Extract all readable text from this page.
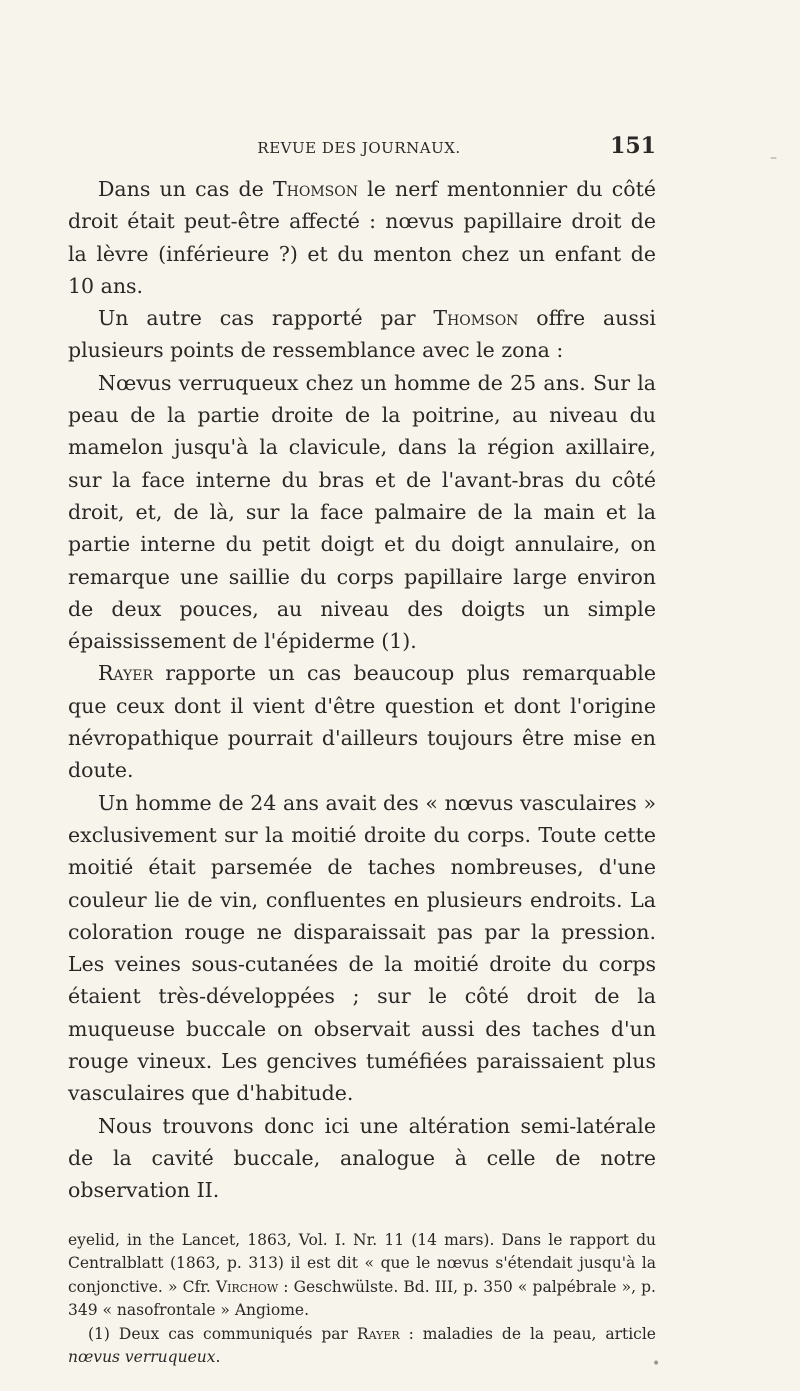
–
•
REVUE DES JOURNAUX.	151

Dans un cas de Thomson le nerf mentonnier du côté droit était peut-être affecté : nœvus papillaire droit de la lèvre (inférieure ?) et du menton chez un enfant de 10 ans.

Un autre cas rapporté par Thomson offre aussi plusieurs points de ressemblance avec le zona :

Nœvus verruqueux chez un homme de 25 ans. Sur la peau de la partie droite de la poitrine, au niveau du mamelon jusqu'à la clavicule, dans la région axillaire, sur la face interne du bras et de l'avant-bras du côté droit, et, de là, sur la face palmaire de la main et la partie interne du petit doigt et du doigt annulaire, on remarque une saillie du corps papillaire large environ de deux pouces, au niveau des doigts un simple épaississement de l'épiderme (1).

Rayer rapporte un cas beaucoup plus remarquable que ceux dont il vient d'être question et dont l'origine névropathique pourrait d'ailleurs toujours être mise en doute.

Un homme de 24 ans avait des « nœvus vasculaires » exclusivement sur la moitié droite du corps. Toute cette moitié était parsemée de taches nombreuses, d'une couleur lie de vin, confluentes en plusieurs endroits. La coloration rouge ne disparaissait pas par la pression. Les veines sous-cutanées de la moitié droite du corps étaient très-développées ; sur le côté droit de la muqueuse buccale on observait aussi des taches d'un rouge vineux. Les gencives tuméfiées paraissaient plus vasculaires que d'habitude.

Nous trouvons donc ici une altération semi-latérale de la cavité buccale, analogue à celle de notre observation II.

eyelid, in the Lancet, 1863, Vol. I. Nr. 11 (14 mars). Dans le rapport du Centralblatt (1863, p. 313) il est dit « que le nœvus s'étendait jusqu'à la conjonctive. » Cfr. Virchow : Geschwülste. Bd. III, p. 350 « palpébrale », p. 349 « nasofrontale » Angiome.

(1) Deux cas communiqués par Rayer : maladies de la peau, article nœvus verruqueux.
